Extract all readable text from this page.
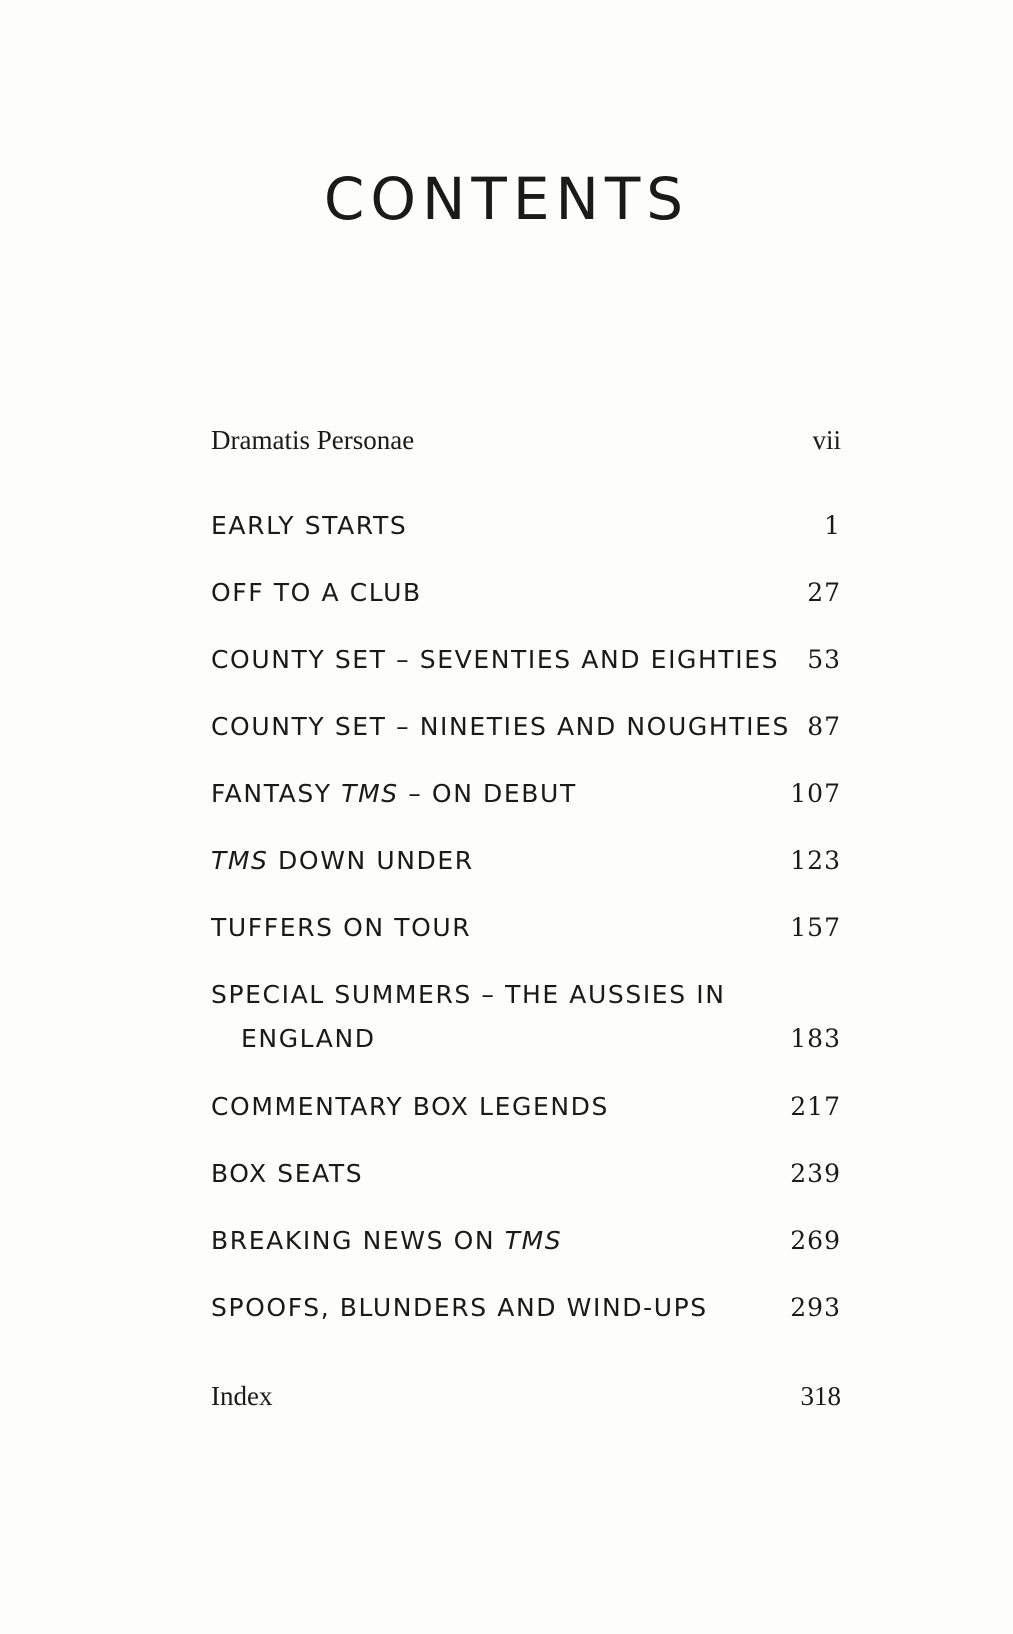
CONTENTS
Dramatis Personae	vii
EARLY STARTS	1
OFF TO A CLUB	27
COUNTY SET – SEVENTIES AND EIGHTIES 53
COUNTY SET – NINETIES AND NOUGHTIES 87
FANTASY TMS – ON DEBUT	107
TMS DOWN UNDER	123
TUFFERS ON TOUR	157
SPECIAL SUMMERS – THE AUSSIES IN
ENGLAND	183
COMMENTARY BOX LEGENDS	217
BOX SEATS	239
BREAKING NEWS ON TMS	269
SPOOFS, BLUNDERS AND WIND-UPS	293
Index	318
